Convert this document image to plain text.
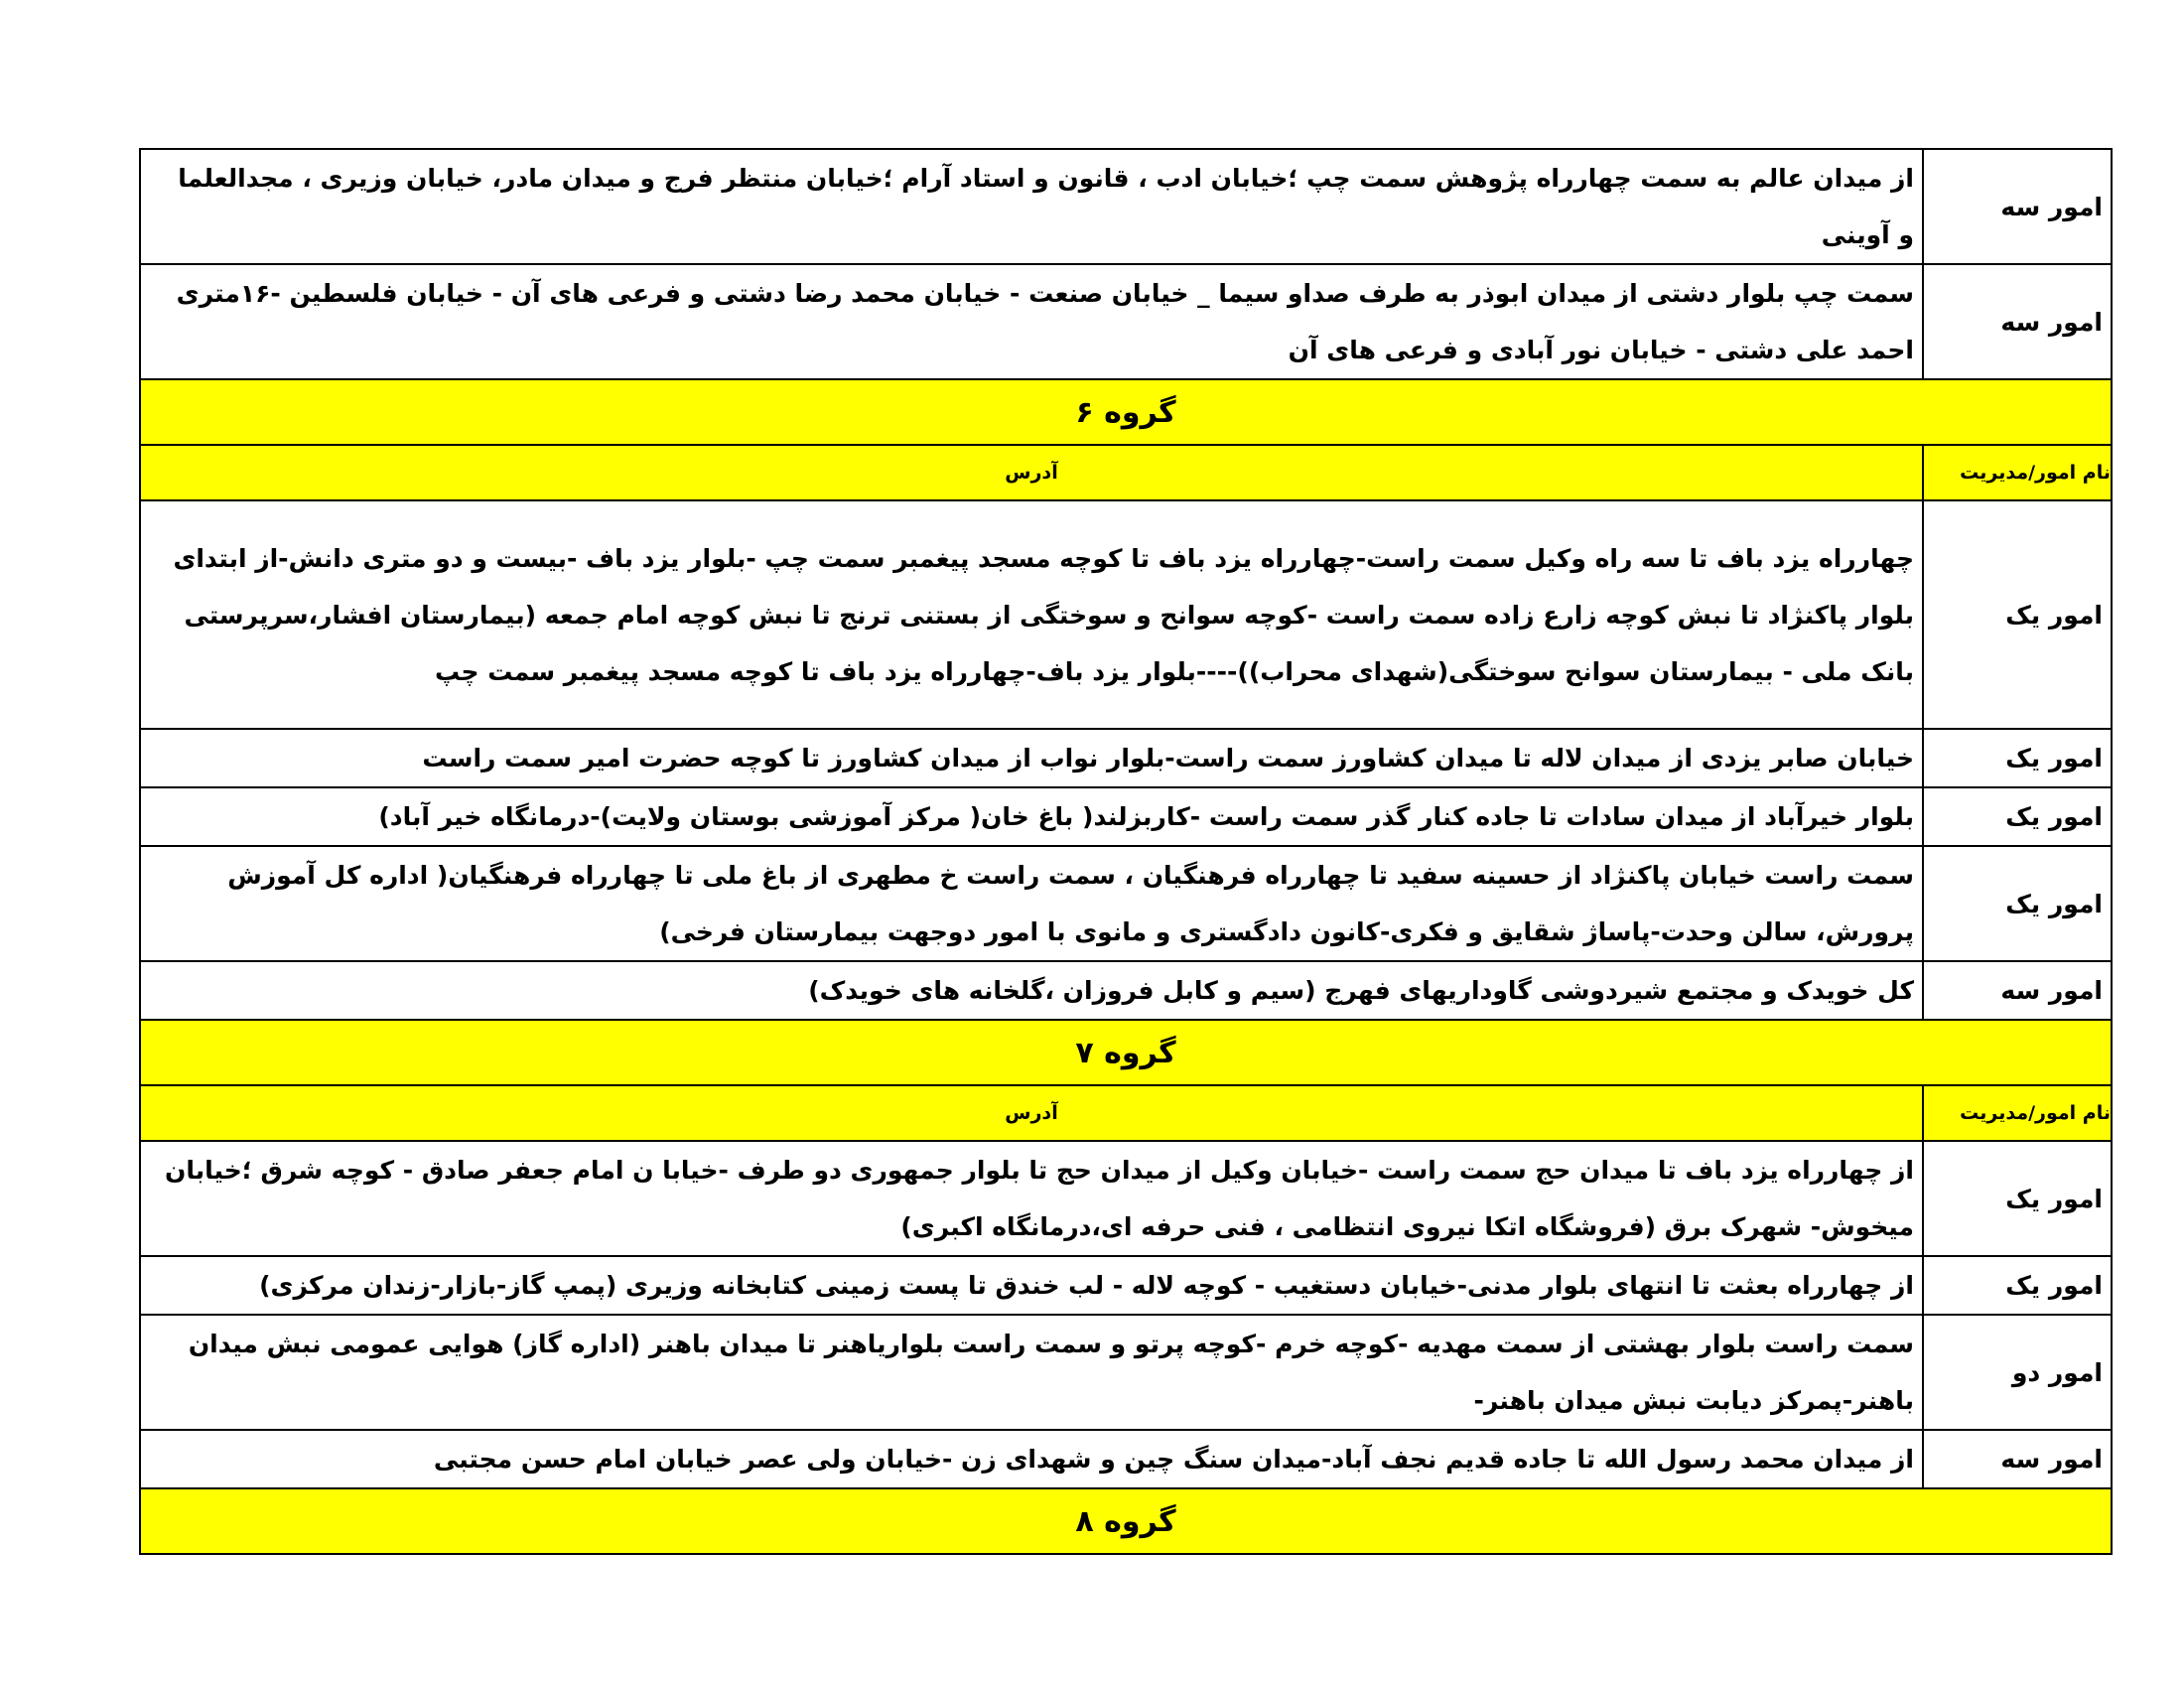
امور سه	از میدان عالم به سمت چهارراه پژوهش سمت چپ ؛خیابان ادب ، قانون و استاد آرام ؛خیابان منتظر فرج و میدان مادر، خیابان وزیری ، مجدالعلما و آوینی
امور سه	سمت چپ بلوار دشتی از میدان ابوذر به طرف صداو سیما _ خیابان صنعت - خیابان محمد رضا دشتی و فرعی های آن - خیابان فلسطین -۱۶متری احمد علی دشتی - خیابان نور آبادی و فرعی های آن
گروه ۶	
نام امور/مدیریت	آدرس
امور یک	چهارراه یزد باف تا سه راه وکیل سمت راست-چهارراه یزد باف تا کوچه مسجد پیغمبر سمت چپ -بلوار یزد باف -بیست و دو متری دانش-از ابتدای بلوار پاکنژاد تا نبش کوچه زارع زاده سمت راست -کوچه سوانح و سوختگی از بستنی ترنج تا نبش کوچه امام جمعه (بیمارستان افشار،سرپرستی بانک ملی - بیمارستان سوانح سوختگی(شهدای محراب))----بلوار یزد باف-چهارراه یزد باف تا کوچه مسجد پیغمبر سمت چپ
امور یک	خیابان صابر یزدی از میدان لاله تا میدان کشاورز سمت راست-بلوار نواب از میدان کشاورز تا کوچه حضرت امیر سمت راست
امور یک	بلوار خیرآباد از میدان سادات تا جاده کنار گذر سمت راست -کاربزلند( باغ خان( مرکز آموزشی بوستان ولایت)-درمانگاه خیر آباد)
امور یک	سمت راست خیابان پاکنژاد از حسینه سفید تا چهارراه فرهنگیان ، سمت راست خ مطهری از باغ ملی تا چهارراه فرهنگیان( اداره کل آموزش پرورش، سالن وحدت-پاساژ شقایق و فکری-کانون دادگستری و مانوی با امور دوجهت بیمارستان فرخی)
امور سه	کل خویدک و مجتمع شیردوشی گاوداریهای فهرج (سیم و کابل فروزان ،گلخانه های خویدک)
گروه ۷	
نام امور/مدیریت	آدرس
امور یک	از چهارراه یزد باف تا میدان حج سمت راست -خیابان وکیل از میدان حج تا بلوار جمهوری دو طرف -خیابا ن امام جعفر صادق - کوچه شرق ؛خیابان میخوش- شهرک برق (فروشگاه اتکا نیروی انتظامی ، فنی حرفه ای،درمانگاه اکبری)
امور یک	از چهارراه بعثت تا انتهای بلوار مدنی-خیابان دستغیب - کوچه لاله - لب خندق تا پست زمینی کتابخانه وزیری (پمپ گاز-بازار-زندان مرکزی)
امور دو	سمت راست بلوار بهشتی از سمت مهدیه -کوچه خرم -کوچه پرتو و سمت راست بلواریاهنر تا میدان باهنر (اداره گاز) هوایی عمومی نبش میدان باهنر-پمرکز دیابت نبش میدان باهنر-
امور سه	از میدان محمد رسول الله تا جاده قدیم نجف آباد-میدان سنگ چین و شهدای زن -خیابان ولی عصر خیابان امام حسن مجتبی
گروه ۸	
